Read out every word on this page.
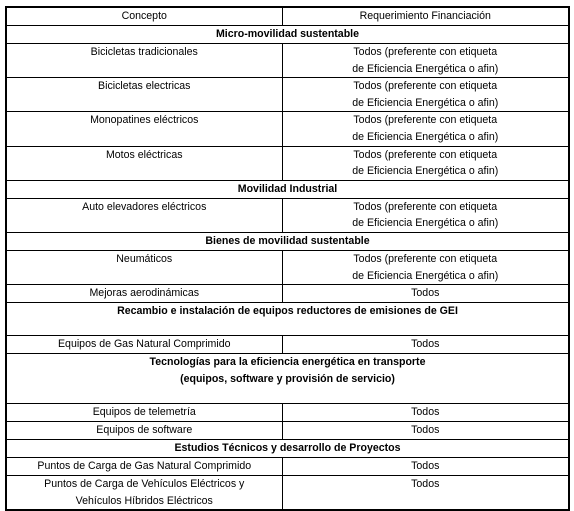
Concepto	Requerimiento Financiación
Micro-movilidad sustentable	

Bicicletas tradicionales	Todos (preferente con etiqueta
de Eficiencia Energética o afin)

Bicicletas electricas	Todos (preferente con etiqueta
de Eficiencia Energética o afin)

Monopatines eléctricos	Todos (preferente con etiqueta
de Eficiencia Energética o afin)

Motos eléctricas	Todos (preferente con etiqueta
de Eficiencia Energética o afin)

Movilidad Industrial	

Auto elevadores eléctricos	Todos (preferente con etiqueta
de Eficiencia Energética o afin)

Bienes de movilidad sustentable	

Neumáticos	Todos (preferente con etiqueta
de Eficiencia Energética o afin)

Mejoras aerodinámicas	Todos

Recambio e instalación de equipos reductores de emisiones de GEI	

Equipos de Gas Natural Comprimido	Todos

Tecnologías para la eficiencia energética en transporte (equipos, software y provisión de servicio)	

Equipos de telemetría	Todos

Equipos de software	Todos

Estudios Técnicos y desarrollo de Proyectos	

Puntos de Carga de Gas Natural Comprimido	Todos

Puntos de Carga de Vehículos Eléctricos y
Vehículos Híbridos Eléctricos	Todos
